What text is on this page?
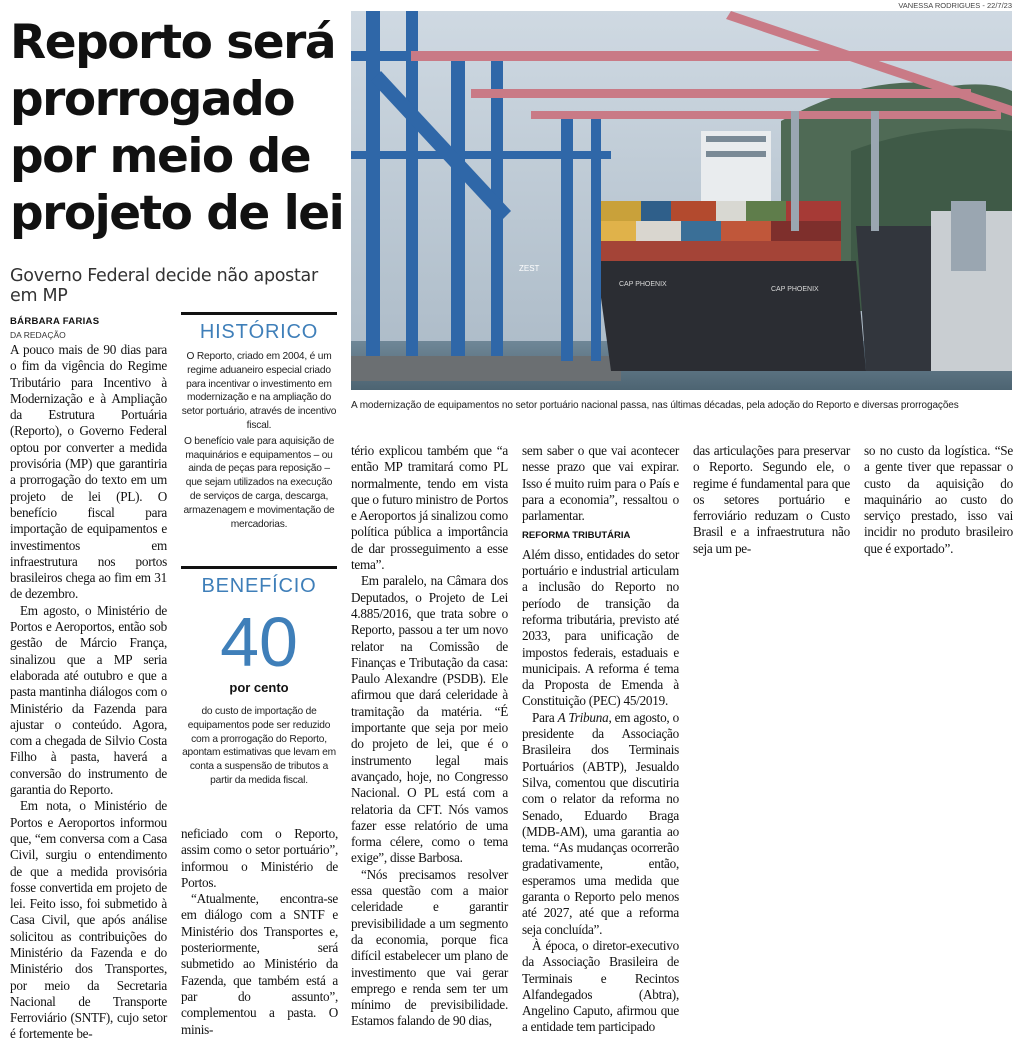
VANESSA RODRIGUES - 22/7/23
Reporto será prorrogado por meio de projeto de lei

Governo Federal decide não apostar em MP

BÁRBARA FARIAS
DA REDAÇÃO

A pouco mais de 90 dias para o fim da vigência do Regime Tributário para Incentivo à Modernização e à Ampliação da Estrutura Portuária (Reporto), o Governo Federal optou por converter a medida provisória (MP) que garantiria a prorrogação do texto em um projeto de lei (PL). O benefício fiscal para importação de equipamentos e investimentos em infraestrutura nos portos brasileiros chega ao fim em 31 de dezembro.

Em agosto, o Ministério de Portos e Aeroportos, então sob gestão de Márcio França, sinalizou que a MP seria elaborada até outubro e que a pasta mantinha diálogos com o Ministério da Fazenda para ajustar o conteúdo. Agora, com a chegada de Silvio Costa Filho à pasta, haverá a conversão do instrumento de garantia do Reporto.

Em nota, o Ministério de Portos e Aeroportos informou que, “em conversa com a Casa Civil, surgiu o entendimento de que a medida provisória fosse convertida em projeto de lei. Feito isso, foi submetido à Casa Civil, que após análise solicitou as contribuições do Ministério da Fazenda e do Ministério dos Transportes, por meio da Secretaria Nacional de Transporte Ferroviário (SNTF), cujo setor é fortemente be-

HISTÓRICO

O Reporto, criado em 2004, é um regime aduaneiro especial criado para incentivar o investimento em modernização e na ampliação do setor portuário, através de incentivo fiscal.

O benefício vale para aquisição de maquinários e equipamentos – ou ainda de peças para reposição – que sejam utilizados na execução de serviços de carga, descarga, armazenagem e movimentação de mercadorias.

BENEFÍCIO
40
por cento

do custo de importação de equipamentos pode ser reduzido com a prorrogação do Reporto, apontam estimativas que levam em conta a suspensão de tributos a partir da medida fiscal.

neficiado com o Reporto, assim como o setor portuário”, informou o Ministério de Portos.

“Atualmente, encontra-se em diálogo com a SNTF e Ministério dos Transportes e, posteriormente, será submetido ao Ministério da Fazenda, que também está a par do assunto”, complementou a pasta. O minis-

ZEST
CAP PHOENIX
CAP PHOENIX

A modernização de equipamentos no setor portuário nacional passa, nas últimas décadas, pela adoção do Reporto e diversas prorrogações

tério explicou também que “a então MP tramitará como PL normalmente, tendo em vista que o futuro ministro de Portos e Aeroportos já sinalizou como política pública a importância de dar prosseguimento a esse tema”.

Em paralelo, na Câmara dos Deputados, o Projeto de Lei 4.885/2016, que trata sobre o Reporto, passou a ter um novo relator na Comissão de Finanças e Tributação da casa: Paulo Alexandre (PSDB). Ele afirmou que dará celeridade à tramitação da matéria. “É importante que seja por meio do projeto de lei, que é o instrumento legal mais avançado, hoje, no Congresso Nacional. O PL está com a relatoria da CFT. Nós vamos fazer esse relatório de uma forma célere, como o tema exige”, disse Barbosa.

“Nós precisamos resolver essa questão com a maior celeridade e garantir previsibilidade a um segmento da economia, porque fica difícil estabelecer um plano de investimento que vai gerar emprego e renda sem ter um mínimo de previsibilidade. Estamos falando de 90 dias,

sem saber o que vai acontecer nesse prazo que vai expirar. Isso é muito ruim para o País e para a economia”, ressaltou o parlamentar.

REFORMA TRIBUTÁRIA

Além disso, entidades do setor portuário e industrial articulam a inclusão do Reporto no período de transição da reforma tributária, previsto até 2033, para unificação de impostos federais, estaduais e municipais. A reforma é tema da Proposta de Emenda à Constituição (PEC) 45/2019.

Para A Tribuna, em agosto, o presidente da Associação Brasileira dos Terminais Portuários (ABTP), Jesualdo Silva, comentou que discutiria com o relator da reforma no Senado, Eduardo Braga (MDB-AM), uma garantia ao tema. “As mudanças ocorrerão gradativamente, então, esperamos uma medida que garanta o Reporto pelo menos até 2027, até que a reforma seja concluída”.

À época, o diretor-executivo da Associação Brasileira de Terminais e Recintos Alfandegados (Abtra), Angelino Caputo, afirmou que a entidade tem participado

das articulações para preservar o Reporto. Segundo ele, o regime é fundamental para que os setores portuário e ferroviário reduzam o Custo Brasil e a infraestrutura não seja um pe-

so no custo da logística. “Se a gente tiver que repassar o custo da aquisição do maquinário ao custo do serviço prestado, isso vai incidir no produto brasileiro que é exportado”.
